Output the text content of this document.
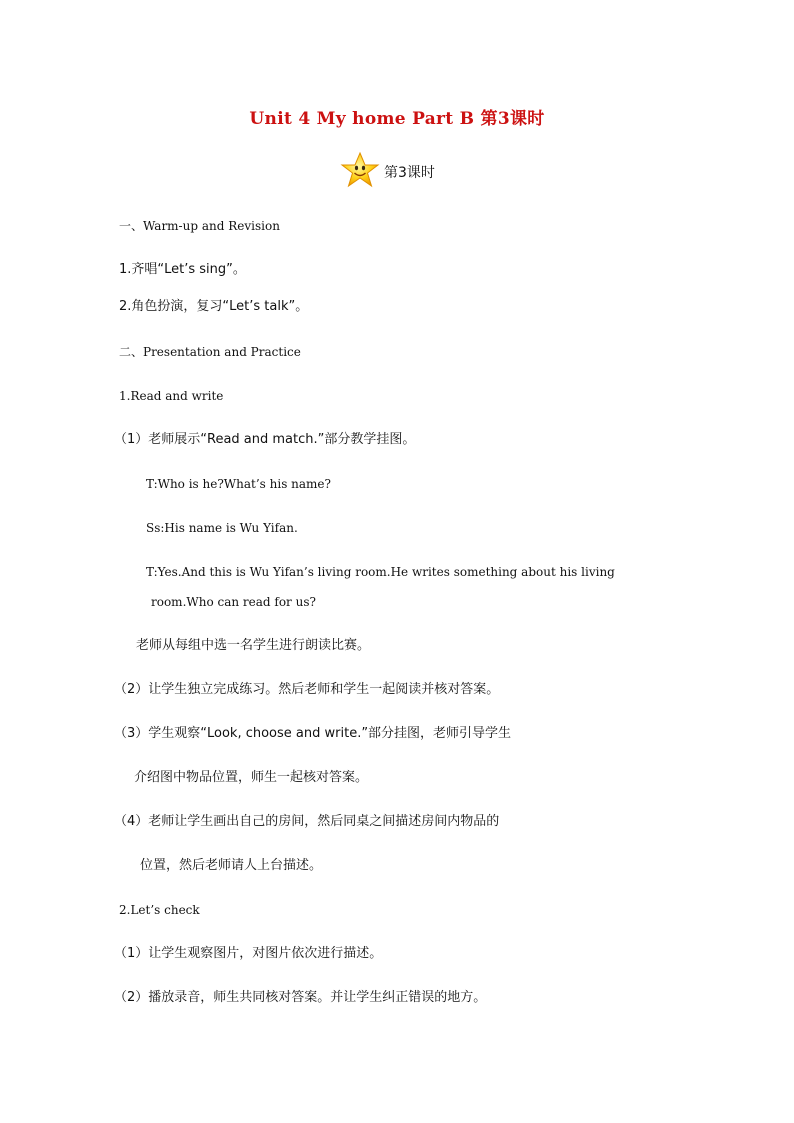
Unit 4 My home Part B 第3课时
第3课时
一、Warm-up and Revision
1.齐唱“Let’s sing”。
2.角色扮演，复习“Let’s talk”。
二、Presentation and Practice
1.Read and write
（1）老师展示“Read and match.”部分教学挂图。
T:Who is he?What’s his name?
Ss:His name is Wu Yifan.
T:Yes.And this is Wu Yifan’s living room.He writes something about his living
room.Who can read for us?
老师从每组中选一名学生进行朗读比赛。
（2）让学生独立完成练习。然后老师和学生一起阅读并核对答案。
（3）学生观察“Look, choose and write.”部分挂图，老师引导学生
介绍图中物品位置，师生一起核对答案。
（4）老师让学生画出自己的房间，然后同桌之间描述房间内物品的
位置，然后老师请人上台描述。
2.Let’s check
（1）让学生观察图片，对图片依次进行描述。
（2）播放录音，师生共同核对答案。并让学生纠正错误的地方。
